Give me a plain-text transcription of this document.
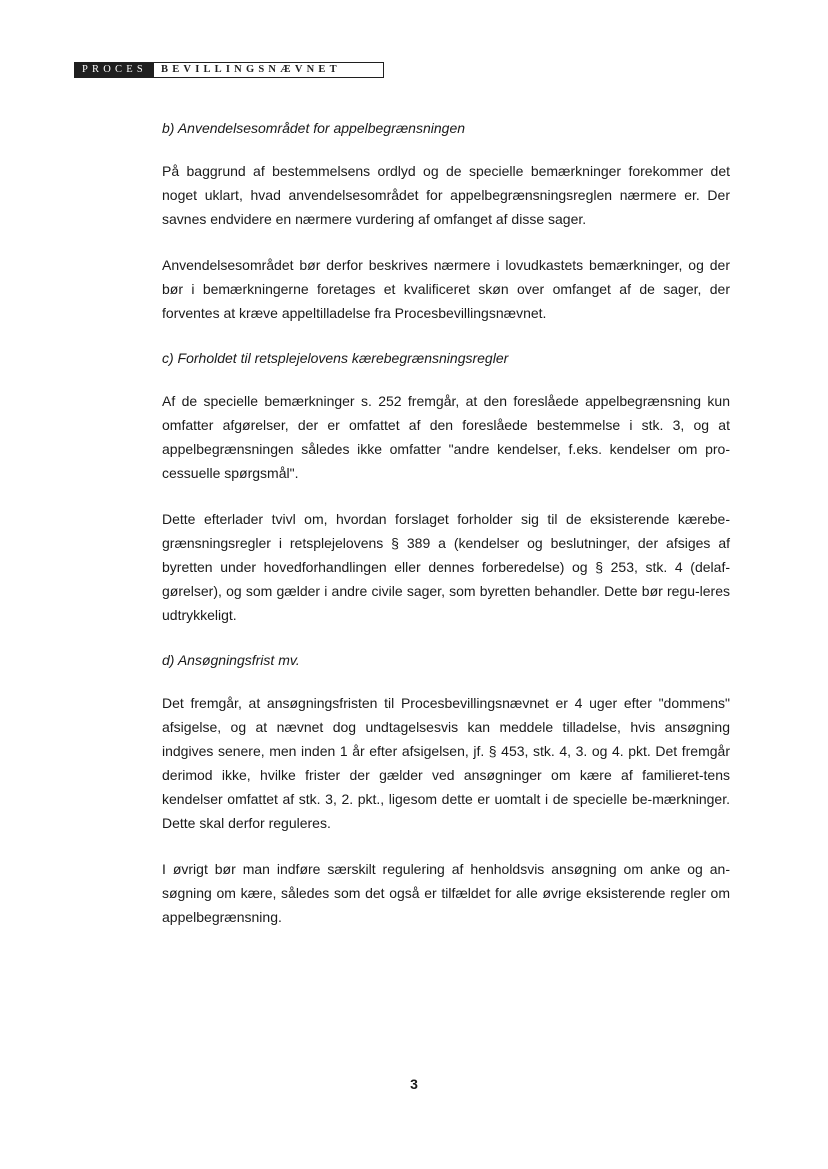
PROCES	BEVILLINGSNÆVNET

b) Anvendelsesområdet for appelbegrænsningen

På baggrund af bestemmelsens ordlyd og de specielle bemærkninger forekommer det noget uklart, hvad anvendelsesområdet for appelbegrænsningsreglen nærmere er. Der savnes endvidere en nærmere vurdering af omfanget af disse sager.

Anvendelsesområdet bør derfor beskrives nærmere i lovudkastets bemærkninger, og der bør i bemærkningerne foretages et kvalificeret skøn over omfanget af de sager, der forventes at kræve appeltilladelse fra Procesbevillingsnævnet.

c) Forholdet til retsplejelovens kærebegrænsningsregler

Af de specielle bemærkninger s. 252 fremgår, at den foreslåede appelbegrænsning kun omfatter afgørelser, der er omfattet af den foreslåede bestemmelse i stk. 3, og at appelbegrænsningen således ikke omfatter "andre kendelser, f.eks. kendelser om pro-cessuelle spørgsmål".

Dette efterlader tvivl om, hvordan forslaget forholder sig til de eksisterende kærebe-grænsningsregler i retsplejelovens § 389 a (kendelser og beslutninger, der afsiges af byretten under hovedforhandlingen eller dennes forberedelse) og § 253, stk. 4 (delaf-gørelser), og som gælder i andre civile sager, som byretten behandler. Dette bør regu-leres udtrykkeligt.

d) Ansøgningsfrist mv.

Det fremgår, at ansøgningsfristen til Procesbevillingsnævnet er 4 uger efter "dommens" afsigelse, og at nævnet dog undtagelsesvis kan meddele tilladelse, hvis ansøgning indgives senere, men inden 1 år efter afsigelsen, jf. § 453, stk. 4, 3. og 4. pkt. Det fremgår derimod ikke, hvilke frister der gælder ved ansøgninger om kære af familieret-tens kendelser omfattet af stk. 3, 2. pkt., ligesom dette er uomtalt i de specielle be-mærkninger. Dette skal derfor reguleres.

I øvrigt bør man indføre særskilt regulering af henholdsvis ansøgning om anke og an-søgning om kære, således som det også er tilfældet for alle øvrige eksisterende regler om appelbegrænsning.

3
